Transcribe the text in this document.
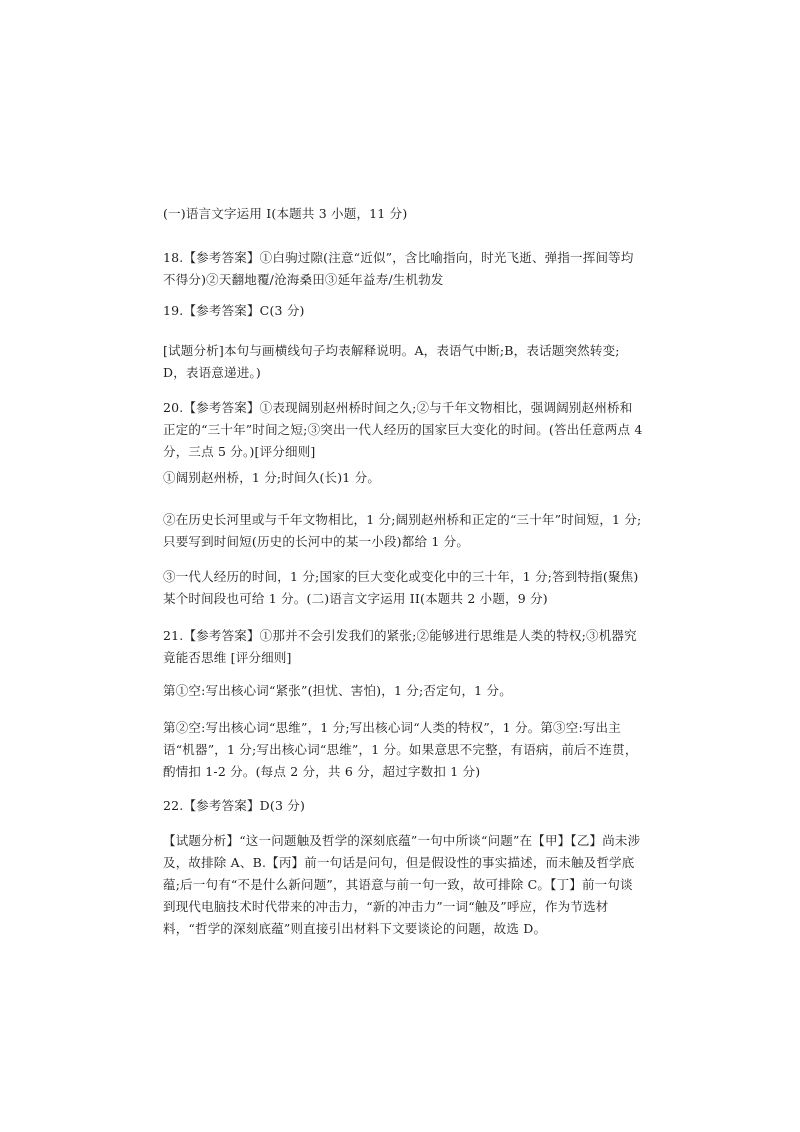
(一)语言文字运用 I(本题共 3 小题，11 分)
18.【参考答案】①白驹过隙(注意“近似”，含比喻指向，时光飞逝、弹指一挥间等均不得分)②天翻地覆/沧海桑田③延年益寿/生机勃发
19.【参考答案】C(3 分)
[试题分析]本句与画横线句子均表解释说明。A，表语气中断;B，表话题突然转变; D，表语意递进。)
20.【参考答案】①表现阔别赵州桥时间之久;②与千年文物相比，强调阔别赵州桥和正定的“三十年”时间之短;③突出一代人经历的国家巨大变化的时间。(答出任意两点 4 分，三点 5 分。)[评分细则]
①阔别赵州桥，1 分;时间久(长)1 分。
②在历史长河里或与千年文物相比，1 分;阔别赵州桥和正定的“三十年”时间短，1 分;只要写到时间短(历史的长河中的某一小段)都给 1 分。
③一代人经历的时间，1 分;国家的巨大变化或变化中的三十年，1 分;答到特指(聚焦)某个时间段也可给 1 分。(二)语言文字运用 II(本题共 2 小题，9 分)
21.【参考答案】①那并不会引发我们的紧张;②能够进行思维是人类的特权;③机器究竟能否思维 [评分细则]
第①空:写出核心词“紧张”(担忧、害怕)，1 分;否定句，1 分。
第②空:写出核心词“思维”，1 分;写出核心词“人类的特权”，1 分。第③空:写出主语“机器”，1 分;写出核心词“思维”，1 分。如果意思不完整，有语病，前后不连贯，酌情扣 1-2 分。(每点 2 分，共 6 分，超过字数扣 1 分)
22.【参考答案】D(3 分)
【试题分析】“这一问题触及哲学的深刻底蕴”一句中所谈“问题”在【甲】【乙】尚未涉及，故排除 A、B.【丙】前一句话是问句，但是假设性的事实描述，而未触及哲学底蕴;后一句有“不是什么新问题”，其语意与前一句一致，故可排除 C。【丁】前一句谈到现代电脑技术时代带来的冲击力，“新的冲击力”一词“触及”呼应，作为节选材料，“哲学的深刻底蕴”则直接引出材料下文要谈论的问题，故选 D。
